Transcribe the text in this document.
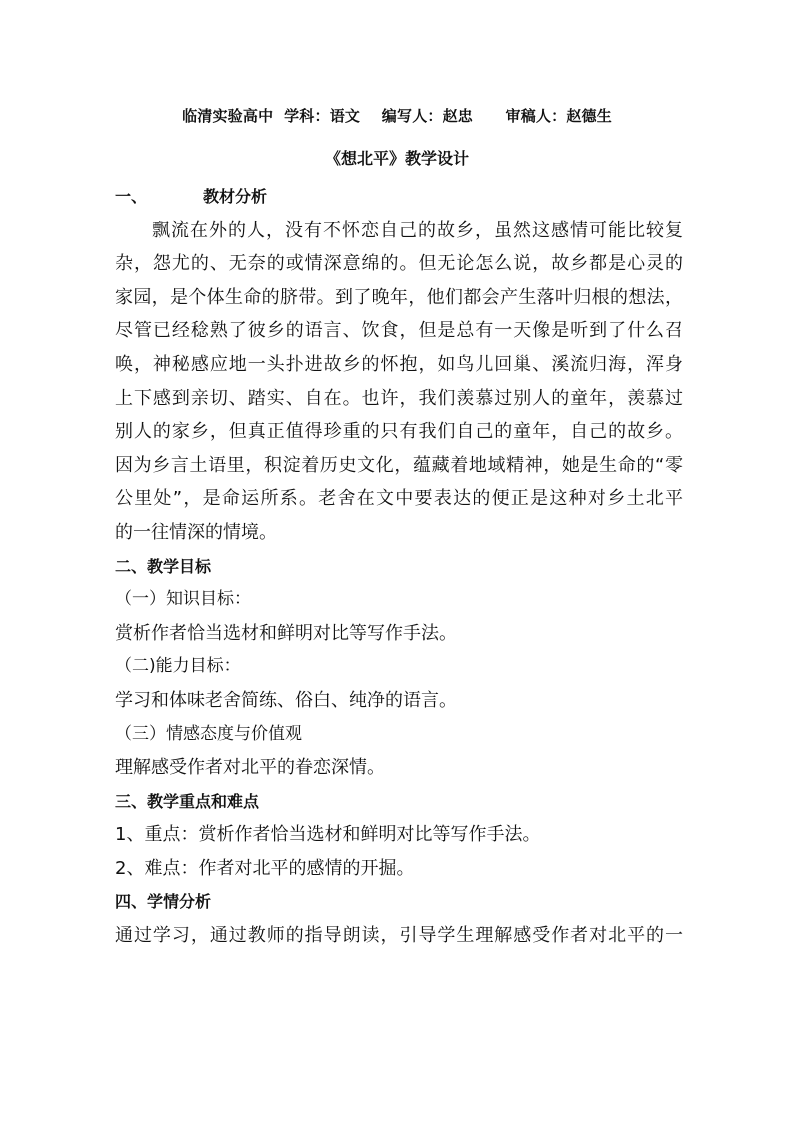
临清实验高中  学科：语文    编写人：赵忠      审稿人：赵德生
《想北平》教学设计
一、	教材分析
飘流在外的人，没有不怀恋自己的故乡，虽然这感情可能比较复
杂，怨尤的、无奈的或情深意绵的。但无论怎么说，故乡都是心灵的
家园，是个体生命的脐带。到了晚年，他们都会产生落叶归根的想法，
尽管已经稔熟了彼乡的语言、饮食，但是总有一天像是听到了什么召
唤，神秘感应地一头扑进故乡的怀抱，如鸟儿回巢、溪流归海，浑身
上下感到亲切、踏实、自在。也许，我们羡慕过别人的童年，羡慕过
别人的家乡，但真正值得珍重的只有我们自己的童年，自己的故乡。
因为乡言土语里，积淀着历史文化，蕴藏着地域精神，她是生命的“零
公里处”，是命运所系。老舍在文中要表达的便正是这种对乡土北平
的一往情深的情境。
二、教学目标
（一）知识目标：
赏析作者恰当选材和鲜明对比等写作手法。
（二)能力目标：
学习和体味老舍简练、俗白、纯净的语言。
（三）情感态度与价值观
理解感受作者对北平的眷恋深情。
三、教学重点和难点
1、重点：赏析作者恰当选材和鲜明对比等写作手法。
2、难点：作者对北平的感情的开掘。
四、学情分析
通过学习，通过教师的指导朗读，引导学生理解感受作者对北平的一
